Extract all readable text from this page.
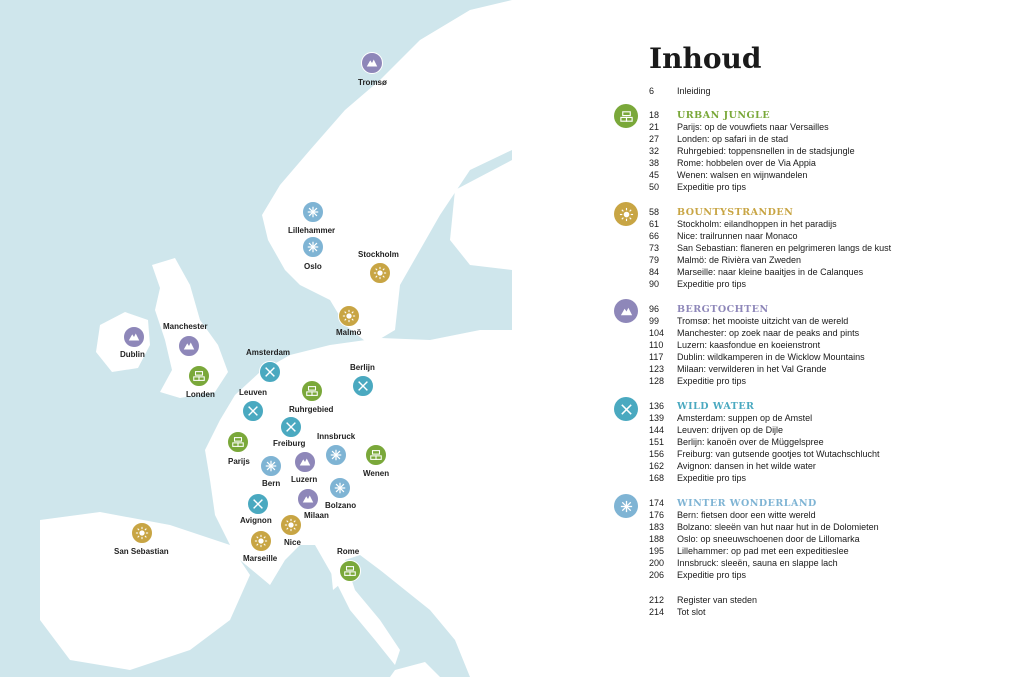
Tromsø
Lillehammer
Oslo
Stockholm
Malmö
Dublin
Manchester
Londen
Amsterdam
Berlijn
Leuven
Ruhrgebied
Parijs
Freiburg
Innsbruck
Wenen
Bern Luzern
Bolzano
Avignon
Milaan
Nice
Marseille
San Sebastian	Rome
Inhoud
6	Inleiding
18 URBAN JUNGLE
21 Parijs: op de vouwfiets naar Versailles
27 Londen: op safari in de stad
32 Ruhrgebied: toppensnellen in de stadsjungle
38 Rome: hobbelen over de Via Appia
45 Wenen: walsen en wijnwandelen
50 Expeditie pro tips
58 BOUNTYSTRANDEN
61 Stockholm: eilandhoppen in het paradijs
66 Nice: trailrunnen naar Monaco
73 San Sebastian: flaneren en pelgrimeren langs de kust
79 Malmö: de Rivièra van Zweden
84 Marseille: naar kleine baaitjes in de Calanques
90 Expeditie pro tips
96 BERGTOCHTEN
99 Tromsø: het mooiste uitzicht van de wereld
104 Manchester: op zoek naar de peaks and pints
110 Luzern: kaasfondue en koeienstront
117 Dublin: wildkamperen in de Wicklow Mountains
123 Milaan: verwilderen in het Val Grande
128 Expeditie pro tips
136 WILD WATER
139 Amsterdam: suppen op de Amstel
144 Leuven: drijven op de Dijle
151 Berlijn: kanoën over de Müggelspree
156 Freiburg: van gutsende gootjes tot Wutachschlucht
162 Avignon: dansen in het wilde water
168 Expeditie pro tips
174 WINTER WONDERLAND
176 Bern: fietsen door een witte wereld
183 Bolzano: sleeën van hut naar hut in de Dolomieten
188 Oslo: op sneeuwschoenen door de Lillomarka
195 Lillehammer: op pad met een expeditieslee
200 Innsbruck: sleeën, sauna en slappe lach
206 Expeditie pro tips
212 Register van steden
214 Tot slot
